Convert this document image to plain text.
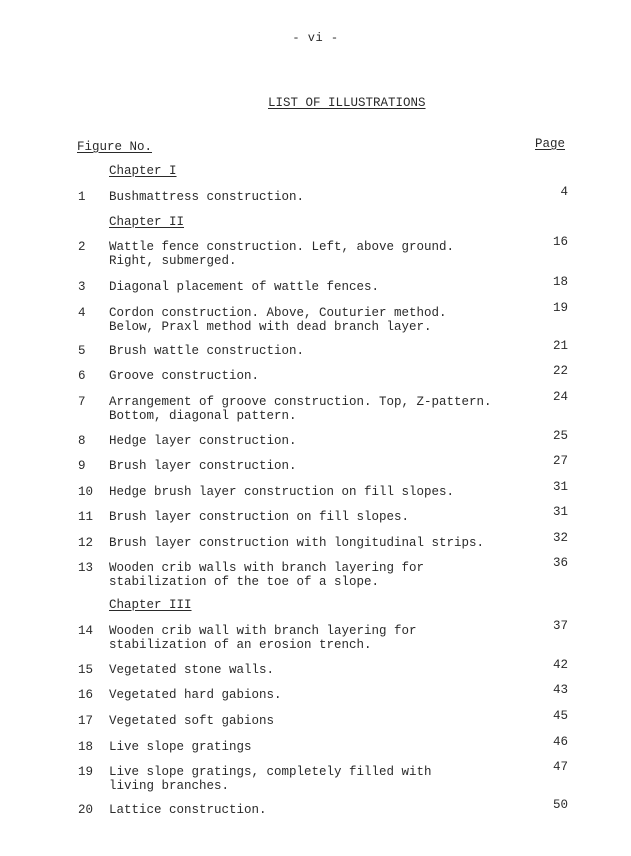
- vi -
LIST OF ILLUSTRATIONS
Figure No.	Page
Chapter I
1	Bushmattress construction.	4
Chapter II
2	Wattle fence construction. Left, above ground.
Right, submerged.
16
3	Diagonal placement of wattle fences.	18
4	Cordon construction. Above, Couturier method.
Below, Praxl method with dead branch layer.
19
5	Brush wattle construction.	21
6	Groove construction.	22
7	Arrangement of groove construction. Top, Z-pattern.
Bottom, diagonal pattern.
24
8	Hedge layer construction.	25
9	Brush layer construction.	27
10	Hedge brush layer construction on fill slopes.	31
11	Brush layer construction on fill slopes.	31
12	Brush layer construction with longitudinal strips.	32
13	Wooden crib walls with branch layering for
stabilization of the toe of a slope.
36
Chapter III
14	Wooden crib wall with branch layering for
stabilization of an erosion trench.
37
15	Vegetated stone walls.	42
16	Vegetated hard gabions.	43
17	Vegetated soft gabions	45
18	Live slope gratings	46
19	Live slope gratings, completely filled with
living branches.
47
20	Lattice construction.	50
